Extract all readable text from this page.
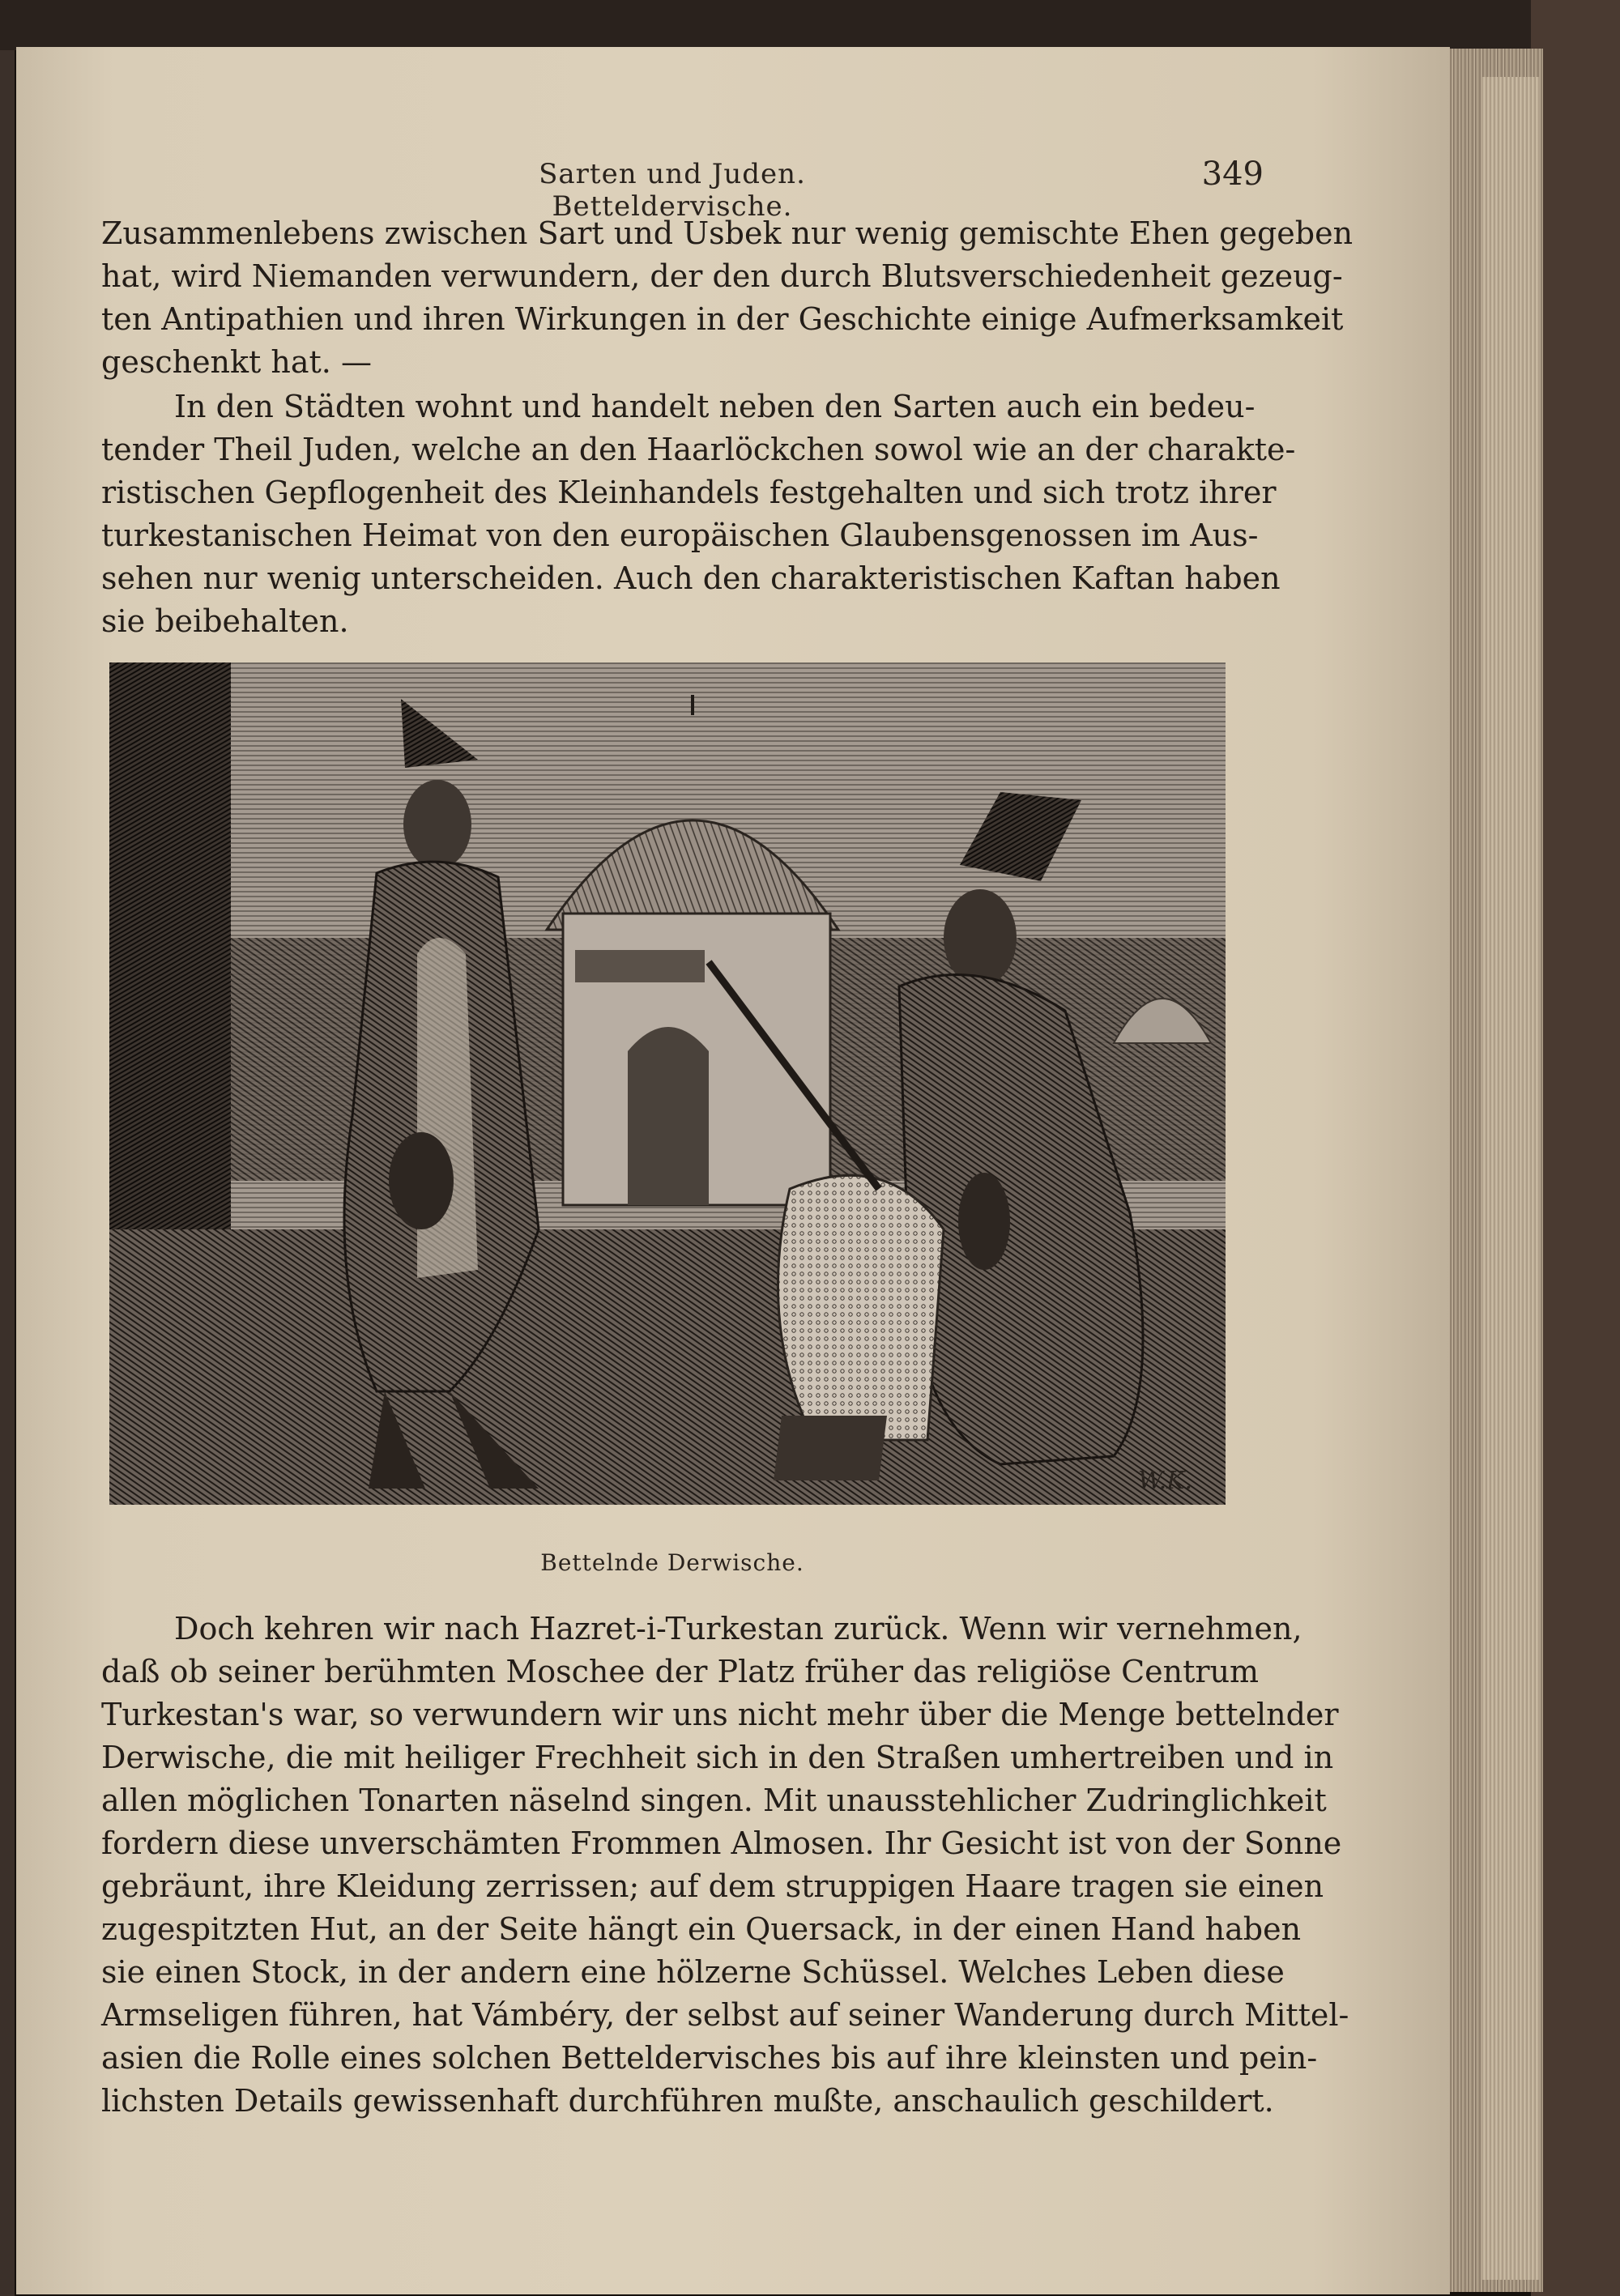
Sarten und Juden. Betteldervische.
349
Zusammenlebens zwischen Sart und Usbek nur wenig gemischte Ehen gegeben
hat, wird Niemanden verwundern, der den durch Blutsverschiedenheit gezeug-
ten Antipathien und ihren Wirkungen in der Geschichte einige Aufmerksamkeit
geschenkt hat. —
In den Städten wohnt und handelt neben den Sarten auch ein bedeu-
tender Theil Juden, welche an den Haarlöckchen sowol wie an der charakte-
ristischen Gepflogenheit des Kleinhandels festgehalten und sich trotz ihrer
turkestanischen Heimat von den europäischen Glaubensgenossen im Aus-
sehen nur wenig unterscheiden. Auch den charakteristischen Kaftan haben
sie beibehalten.
W.K.
Bettelnde Derwische.
Doch kehren wir nach Hazret-i-Turkestan zurück. Wenn wir vernehmen,
daß ob seiner berühmten Moschee der Platz früher das religiöse Centrum
Turkestan's war, so verwundern wir uns nicht mehr über die Menge bettelnder
Derwische, die mit heiliger Frechheit sich in den Straßen umhertreiben und in
allen möglichen Tonarten näselnd singen. Mit unausstehlicher Zudringlichkeit
fordern diese unverschämten Frommen Almosen. Ihr Gesicht ist von der Sonne
gebräunt, ihre Kleidung zerrissen; auf dem struppigen Haare tragen sie einen
zugespitzten Hut, an der Seite hängt ein Quersack, in der einen Hand haben
sie einen Stock, in der andern eine hölzerne Schüssel. Welches Leben diese
Armseligen führen, hat Vámbéry, der selbst auf seiner Wanderung durch Mittel-
asien die Rolle eines solchen Betteldervisches bis auf ihre kleinsten und pein-
lichsten Details gewissenhaft durchführen mußte, anschaulich geschildert.
